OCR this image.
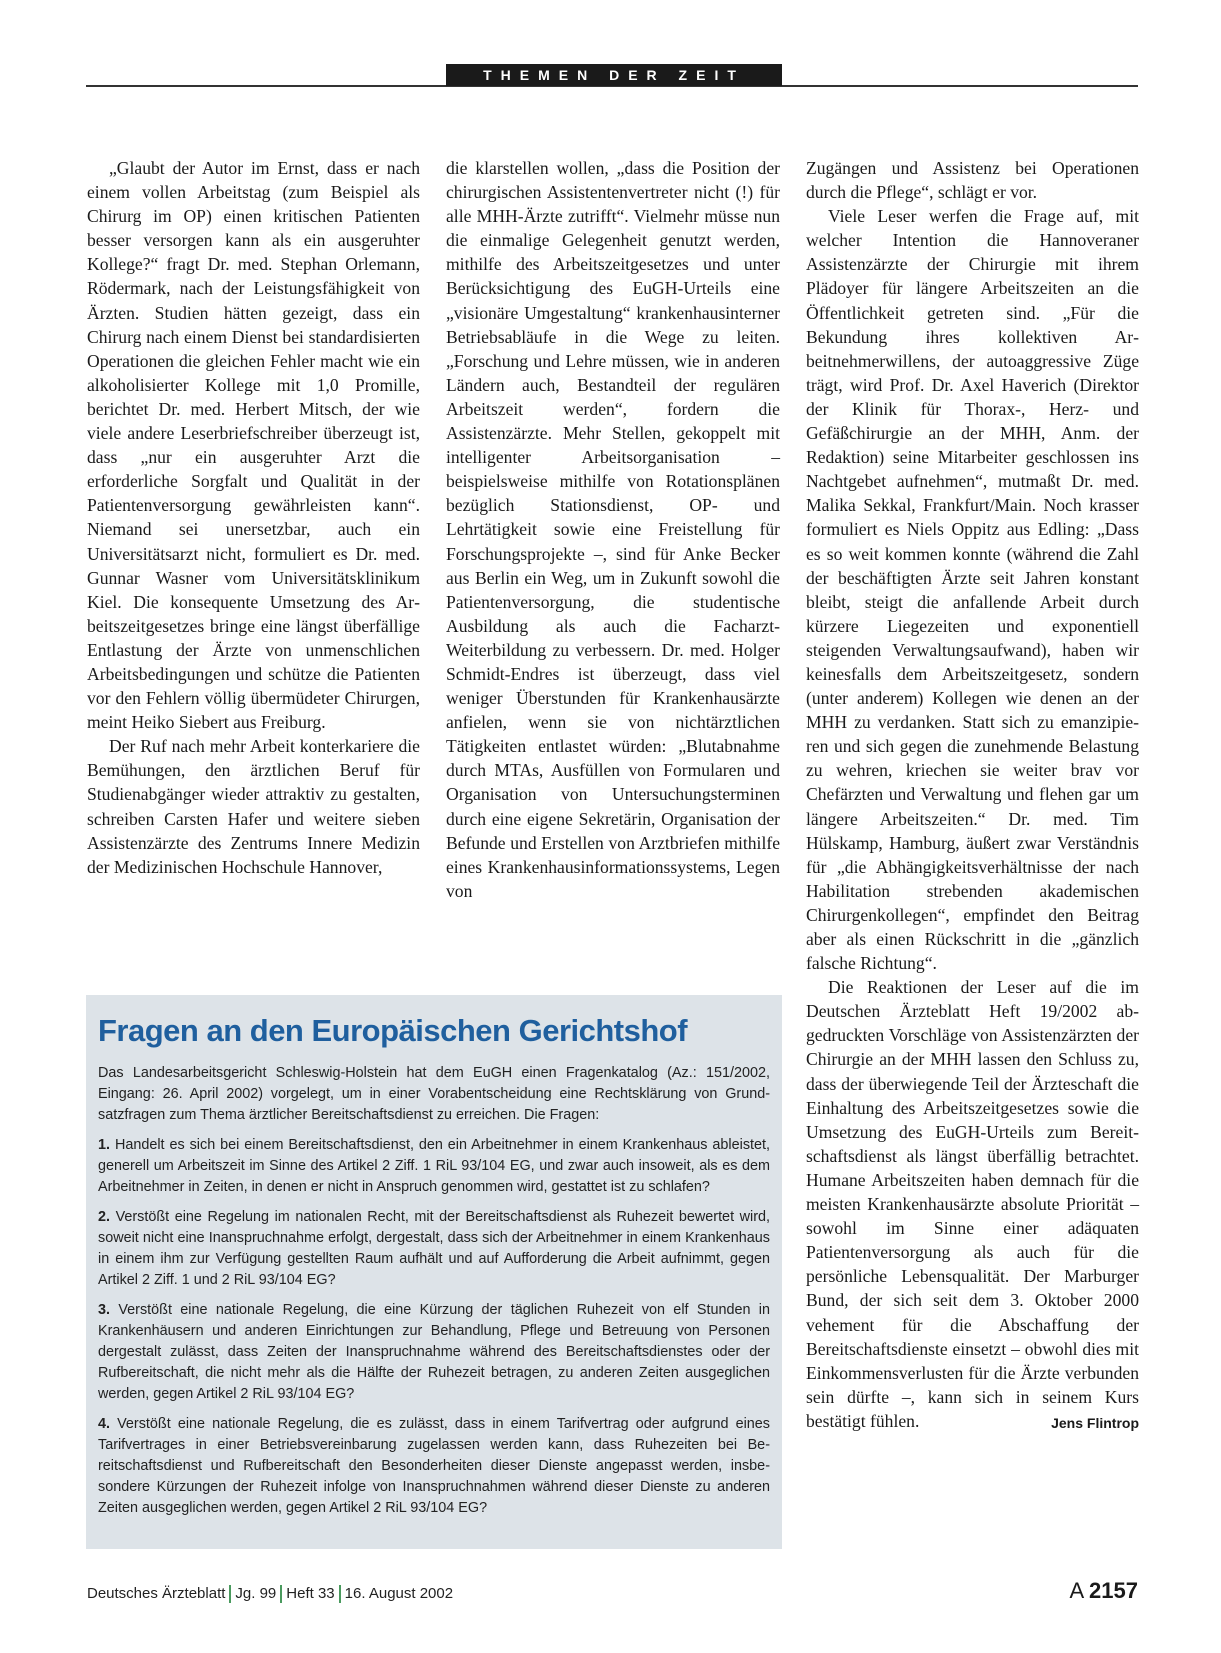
THEMEN DER ZEIT

„Glaubt der Autor im Ernst, dass er nach einem vollen Arbeitstag (zum Beispiel als Chirurg im OP) einen kritischen Patienten besser versorgen kann als ein ausgeruhter Kollege?“ fragt Dr. med. Stephan Orlemann, Rödermark, nach der Leistungsfähigkeit von Ärzten. Studien hätten gezeigt, dass ein Chirurg nach einem Dienst bei standardisierten Operationen die gleichen Fehler macht wie ein alkoholisierter Kollege mit 1,0 Promille, berichtet Dr. med. Herbert Mitsch, der wie viele andere Leserbriefschreiber überzeugt ist, dass „nur ein ausgeruhter Arzt die erforderliche Sorgfalt und Qualität in der Patientenversorgung gewährleisten kann“. Niemand sei unersetzbar, auch ein Universitätsarzt nicht, formuliert es Dr. med. Gunnar Wasner vom Universitätsklinikum Kiel. Die konsequente Umsetzung des Arbeitszeitgesetzes bringe eine längst überfällige Entlastung der Ärzte von unmenschlichen Arbeitsbedingungen und schütze die Patienten vor den Fehlern völlig übermüdeter Chirurgen, meint Heiko Siebert aus Freiburg.

Der Ruf nach mehr Arbeit konterkariere die Bemühungen, den ärztlichen Beruf für Studienabgänger wieder attraktiv zu gestalten, schreiben Carsten Hafer und weitere sieben Assistenzärzte des Zentrums Innere Medizin der Medizinischen Hochschule Hannover,

die klarstellen wollen, „dass die Position der chirurgischen Assistentenvertreter nicht (!) für alle MHH-Ärzte zutrifft“. Vielmehr müsse nun die einmalige Gelegenheit genutzt werden, mithilfe des Arbeitszeitgesetzes und unter Berücksichtigung des EuGH-Urteils eine „visionäre Umgestaltung“ krankenhausinterner Betriebsabläufe in die Wege zu leiten. „Forschung und Lehre müssen, wie in anderen Ländern auch, Bestandteil der regulären Arbeitszeit werden“, fordern die Assistenzärzte. Mehr Stellen, gekoppelt mit intelligenter Arbeitsorganisation – beispielsweise mithilfe von Rotationsplänen bezüglich Stationsdienst, OP- und Lehrtätigkeit sowie eine Freistellung für Forschungsprojekte –, sind für Anke Becker aus Berlin ein Weg, um in Zukunft sowohl die Patientenversorgung, die studentische Ausbildung als auch die Facharzt-Weiterbildung zu verbessern. Dr. med. Holger Schmidt-Endres ist überzeugt, dass viel weniger Überstunden für Krankenhausärzte anfielen, wenn sie von nichtärztlichen Tätigkeiten entlastet würden: „Blutabnahme durch MTAs, Ausfüllen von Formularen und Organisation von Untersuchungsterminen durch eine eigene Sekretärin, Organisation der Befunde und Erstellen von Arztbriefen mithilfe eines Krankenhausinformationssystems, Legen von

Zugängen und Assistenz bei Operationen durch die Pflege“, schlägt er vor.

Viele Leser werfen die Frage auf, mit welcher Intention die Hannoveraner Assistenzärzte der Chirurgie mit ihrem Plädoyer für längere Arbeitszeiten an die Öffentlichkeit getreten sind. „Für die Bekundung ihres kollektiven Arbeitnehmerwillens, der autoaggressive Züge trägt, wird Prof. Dr. Axel Haverich (Direktor der Klinik für Thorax-, Herz- und Gefäßchirurgie an der MHH, Anm. der Redaktion) seine Mitarbeiter geschlossen ins Nachtgebet aufnehmen“, mutmaßt Dr. med. Malika Sekkal, Frankfurt/Main. Noch krasser formuliert es Niels Oppitz aus Edling: „Dass es so weit kommen konnte (während die Zahl der beschäftigten Ärzte seit Jahren konstant bleibt, steigt die anfallende Arbeit durch kürzere Liegezeiten und exponentiell steigenden Verwaltungsaufwand), haben wir keinesfalls dem Arbeitszeitgesetz, sondern (unter anderem) Kollegen wie denen an der MHH zu verdanken. Statt sich zu emanzipieren und sich gegen die zunehmende Belastung zu wehren, kriechen sie weiter brav vor Chefärzten und Verwaltung und flehen gar um längere Arbeitszeiten.“ Dr. med. Tim Hülskamp, Hamburg, äußert zwar Verständnis für „die Abhängigkeitsverhältnisse der nach Habilitation strebenden akademischen Chirurgenkollegen“, empfindet den Beitrag aber als einen Rückschritt in die „gänzlich falsche Richtung“.

Die Reaktionen der Leser auf die im Deutschen Ärzteblatt Heft 19/2002 abgedruckten Vorschläge von Assistenzärzten der Chirurgie an der MHH lassen den Schluss zu, dass der überwiegende Teil der Ärzteschaft die Einhaltung des Arbeitszeitgesetzes sowie die Umsetzung des EuGH-Urteils zum Bereitschaftsdienst als längst überfällig betrachtet. Humane Arbeitszeiten haben demnach für die meisten Krankenhausärzte absolute Priorität – sowohl im Sinne einer adäquaten Patientenversorgung als auch für die persönliche Lebensqualität. Der Marburger Bund, der sich seit dem 3. Oktober 2000 vehement für die Abschaffung der Bereitschaftsdienste einsetzt – obwohl dies mit Einkommensverlusten für die Ärzte verbunden sein dürfte –, kann sich in seinem Kurs bestätigt fühlen.	Jens Flintrop

Fragen an den Europäischen Gerichtshof

Das Landesarbeitsgericht Schleswig-Holstein hat dem EuGH einen Fragenkatalog (Az.: 151/2002, Eingang: 26. April 2002) vorgelegt, um in einer Vorabentscheidung eine Rechtsklärung von Grundsatzfragen zum Thema ärztlicher Bereitschaftsdienst zu erreichen. Die Fragen:

1. Handelt es sich bei einem Bereitschaftsdienst, den ein Arbeitnehmer in einem Krankenhaus ableistet, generell um Arbeitszeit im Sinne des Artikel 2 Ziff. 1 RiL 93/104 EG, und zwar auch insoweit, als es dem Arbeitnehmer in Zeiten, in denen er nicht in Anspruch genommen wird, gestattet ist zu schlafen?

2. Verstößt eine Regelung im nationalen Recht, mit der Bereitschaftsdienst als Ruhezeit bewertet wird, soweit nicht eine Inanspruchnahme erfolgt, dergestalt, dass sich der Arbeitnehmer in einem Krankenhaus in einem ihm zur Verfügung gestellten Raum aufhält und auf Aufforderung die Arbeit aufnimmt, gegen Artikel 2 Ziff. 1 und 2 RiL 93/104 EG?

3. Verstößt eine nationale Regelung, die eine Kürzung der täglichen Ruhezeit von elf Stunden in Krankenhäusern und anderen Einrichtungen zur Behandlung, Pflege und Betreuung von Personen dergestalt zulässt, dass Zeiten der Inanspruchnahme während des Bereitschaftsdienstes oder der Rufbereitschaft, die nicht mehr als die Hälfte der Ruhezeit betragen, zu anderen Zeiten ausgeglichen werden, gegen Artikel 2 RiL 93/104 EG?

4. Verstößt eine nationale Regelung, die es zulässt, dass in einem Tarifvertrag oder aufgrund eines Tarifvertrages in einer Betriebsvereinbarung zugelassen werden kann, dass Ruhezeiten bei Bereitschaftsdienst und Rufbereitschaft den Besonderheiten dieser Dienste angepasst werden, insbesondere Kürzungen der Ruhezeit infolge von Inanspruchnahmen während dieser Dienste zu anderen Zeiten ausgeglichen werden, gegen Artikel 2 RiL 93/104 EG?

Deutsches Ärzteblatt Jg. 99 Heft 33 16. August 2002	A 2157
